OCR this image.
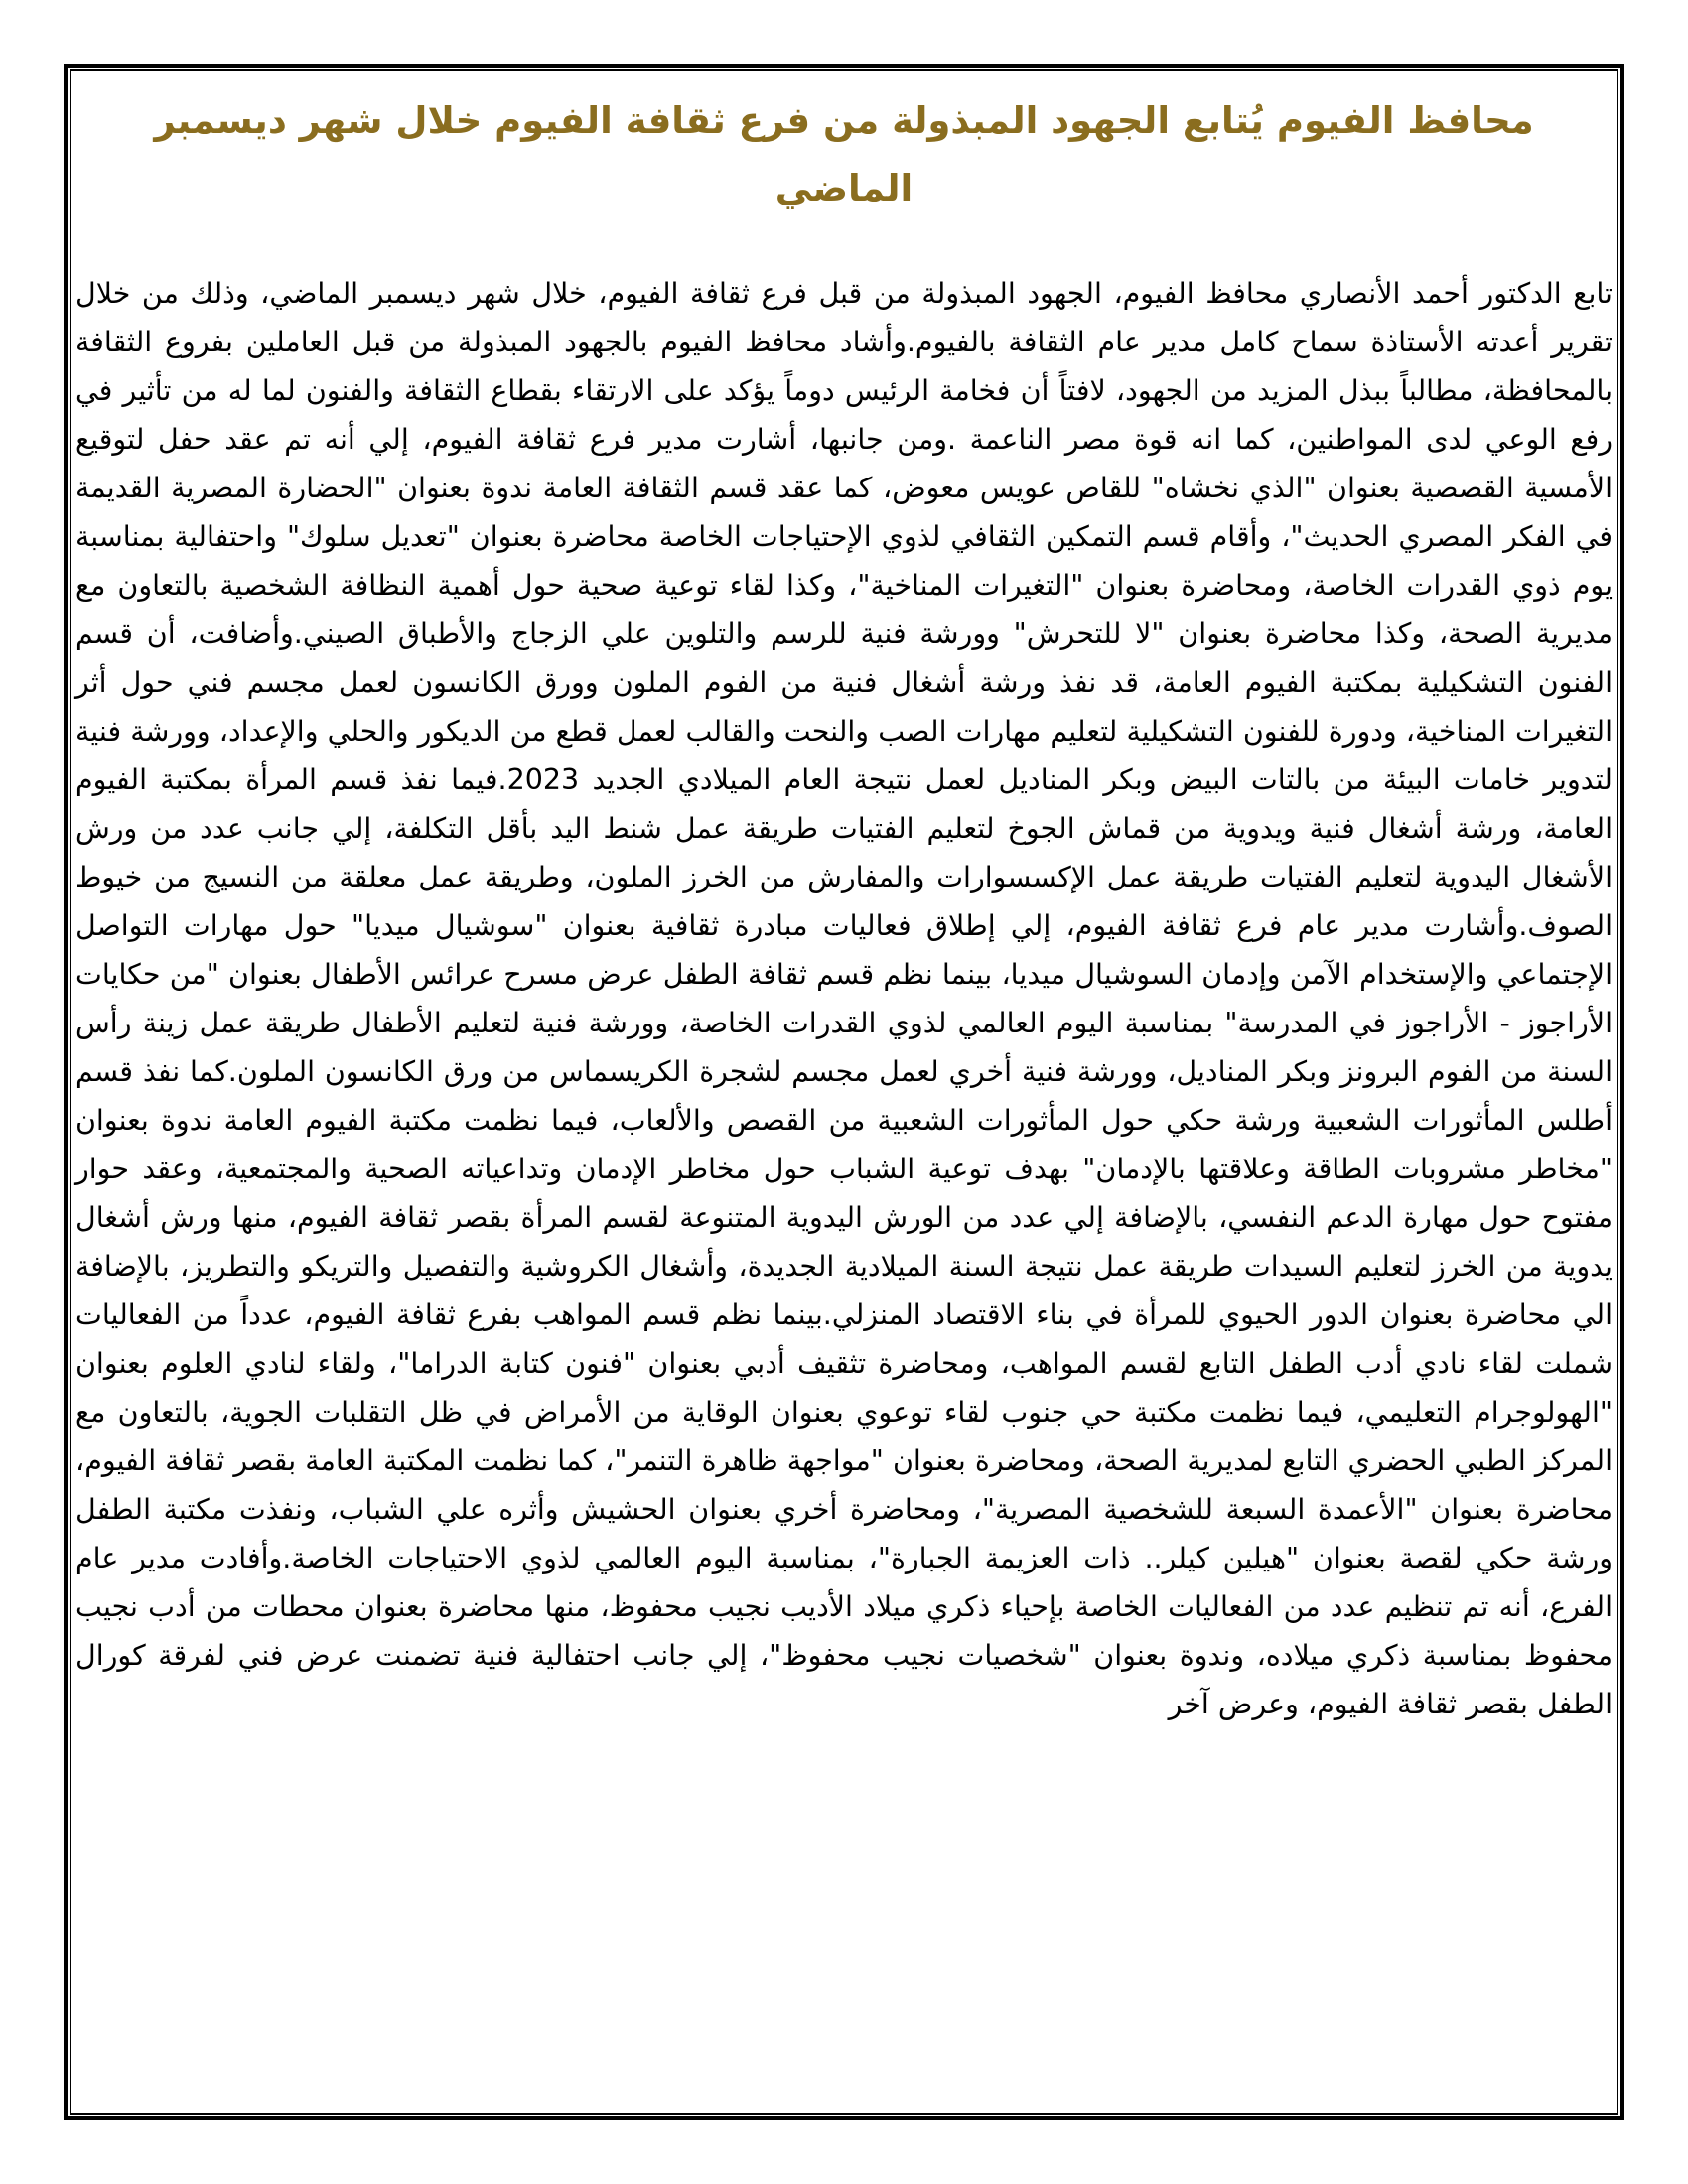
محافظ الفيوم يُتابع الجهود المبذولة من فرع ثقافة الفيوم خلال شهر ديسمبر
الماضي

تابع الدكتور أحمد الأنصاري محافظ الفيوم، الجهود المبذولة من قبل فرع ثقافة الفيوم، خلال شهر ديسمبر الماضي، وذلك من خلال تقرير أعدته الأستاذة سماح كامل مدير عام الثقافة بالفيوم.وأشاد محافظ الفيوم بالجهود المبذولة من قبل العاملين بفروع الثقافة بالمحافظة، مطالباً ببذل المزيد من الجهود، لافتاً أن فخامة الرئيس دوماً يؤكد على الارتقاء بقطاع الثقافة والفنون لما له من تأثير في رفع الوعي لدى المواطنين، كما انه قوة مصر الناعمة .ومن جانبها، أشارت مدير فرع ثقافة الفيوم، إلي أنه تم عقد حفل لتوقيع الأمسية القصصية بعنوان "الذي نخشاه" للقاص عويس معوض، كما عقد قسم الثقافة العامة ندوة بعنوان "الحضارة المصرية القديمة في الفكر المصري الحديث"، وأقام قسم التمكين الثقافي لذوي الإحتياجات الخاصة محاضرة بعنوان "تعديل سلوك" واحتفالية بمناسبة يوم ذوي القدرات الخاصة، ومحاضرة بعنوان "التغيرات المناخية"، وكذا لقاء توعية صحية حول أهمية النظافة الشخصية بالتعاون مع مديرية الصحة، وكذا محاضرة بعنوان "لا للتحرش" وورشة فنية للرسم والتلوين علي الزجاج والأطباق الصيني.وأضافت، أن قسم الفنون التشكيلية بمكتبة الفيوم العامة، قد نفذ ورشة أشغال فنية من الفوم الملون وورق الكانسون لعمل مجسم فني حول أثر التغيرات المناخية، ودورة للفنون التشكيلية لتعليم مهارات الصب والنحت والقالب لعمل قطع من الديكور والحلي والإعداد، وورشة فنية لتدوير خامات البيئة من بالتات البيض وبكر المناديل لعمل نتيجة العام الميلادي الجديد 2023.فيما نفذ قسم المرأة بمكتبة الفيوم العامة، ورشة أشغال فنية ويدوية من قماش الجوخ لتعليم الفتيات طريقة عمل شنط اليد بأقل التكلفة، إلي جانب عدد من ورش الأشغال اليدوية لتعليم الفتيات طريقة عمل الإكسسوارات والمفارش من الخرز الملون، وطريقة عمل معلقة من النسيج من خيوط الصوف.وأشارت مدير عام فرع ثقافة الفيوم، إلي إطلاق فعاليات مبادرة ثقافية بعنوان "سوشيال ميديا" حول مهارات التواصل الإجتماعي والإستخدام الآمن وإدمان السوشيال ميديا، بينما نظم قسم ثقافة الطفل عرض مسرح عرائس الأطفال بعنوان "من حكايات الأراجوز - الأراجوز في المدرسة" بمناسبة اليوم العالمي لذوي القدرات الخاصة، وورشة فنية لتعليم الأطفال طريقة عمل زينة رأس السنة من الفوم البرونز وبكر المناديل، وورشة فنية أخري لعمل مجسم لشجرة الكريسماس من ورق الكانسون الملون.كما نفذ قسم أطلس المأثورات الشعبية ورشة حكي حول المأثورات الشعبية من القصص والألعاب، فيما نظمت مكتبة الفيوم العامة ندوة بعنوان "مخاطر مشروبات الطاقة وعلاقتها بالإدمان" بهدف توعية الشباب حول مخاطر الإدمان وتداعياته الصحية والمجتمعية، وعقد حوار مفتوح حول مهارة الدعم النفسي، بالإضافة إلي عدد من الورش اليدوية المتنوعة لقسم المرأة بقصر ثقافة الفيوم، منها ورش أشغال يدوية من الخرز لتعليم السيدات طريقة عمل نتيجة السنة الميلادية الجديدة، وأشغال الكروشية والتفصيل والتريكو والتطريز، بالإضافة الي محاضرة بعنوان الدور الحيوي للمرأة في بناء الاقتصاد المنزلي.بينما نظم قسم المواهب بفرع ثقافة الفيوم، عدداً من الفعاليات شملت لقاء نادي أدب الطفل التابع لقسم المواهب، ومحاضرة تثقيف أدبي بعنوان "فنون كتابة الدراما"، ولقاء لنادي العلوم بعنوان "الهولوجرام التعليمي، فيما نظمت مكتبة حي جنوب لقاء توعوي بعنوان الوقاية من الأمراض في ظل التقلبات الجوية، بالتعاون مع المركز الطبي الحضري التابع لمديرية الصحة، ومحاضرة بعنوان "مواجهة ظاهرة التنمر"، كما نظمت المكتبة العامة بقصر ثقافة الفيوم، محاضرة بعنوان "الأعمدة السبعة للشخصية المصرية"، ومحاضرة أخري بعنوان الحشيش وأثره علي الشباب، ونفذت مكتبة الطفل ورشة حكي لقصة بعنوان "هيلين كيلر.. ذات العزيمة الجبارة"، بمناسبة اليوم العالمي لذوي الاحتياجات الخاصة.وأفادت مدير عام الفرع، أنه تم تنظيم عدد من الفعاليات الخاصة بإحياء ذكري ميلاد الأديب نجيب محفوظ، منها محاضرة بعنوان محطات من أدب نجيب محفوظ بمناسبة ذكري ميلاده، وندوة بعنوان "شخصيات نجيب محفوظ"، إلي جانب احتفالية فنية تضمنت عرض فني لفرقة كورال الطفل بقصر ثقافة الفيوم، وعرض آخر
